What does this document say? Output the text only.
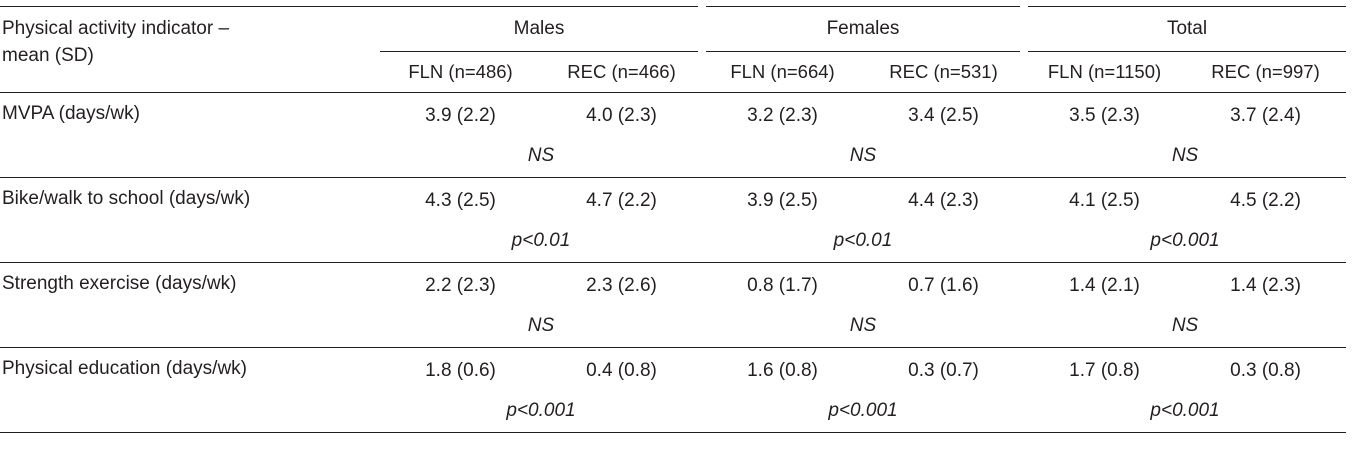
Physical activity indicator –
mean (SD)	Males		Females		Total	
	FLN (n=486)	REC (n=466)	FLN (n=664)	REC (n=531)	FLN (n=1150)	REC (n=997)
MVPA (days/wk)	3.9 (2.2)	4.0 (2.3)	3.2 (2.3)	3.4 (2.5)	3.5 (2.3)	3.7 (2.4)
	NS		NS		NS	
Bike/walk to school (days/wk)	4.3 (2.5)	4.7 (2.2)	3.9 (2.5)	4.4 (2.3)	4.1 (2.5)	4.5 (2.2)
	p<0.01		p<0.01		p<0.001	
Strength exercise (days/wk)	2.2 (2.3)	2.3 (2.6)	0.8 (1.7)	0.7 (1.6)	1.4 (2.1)	1.4 (2.3)
	NS		NS		NS	
Physical education (days/wk)	1.8 (0.6)	0.4 (0.8)	1.6 (0.8)	0.3 (0.7)	1.7 (0.8)	0.3 (0.8)
	p<0.001		p<0.001		p<0.001	
